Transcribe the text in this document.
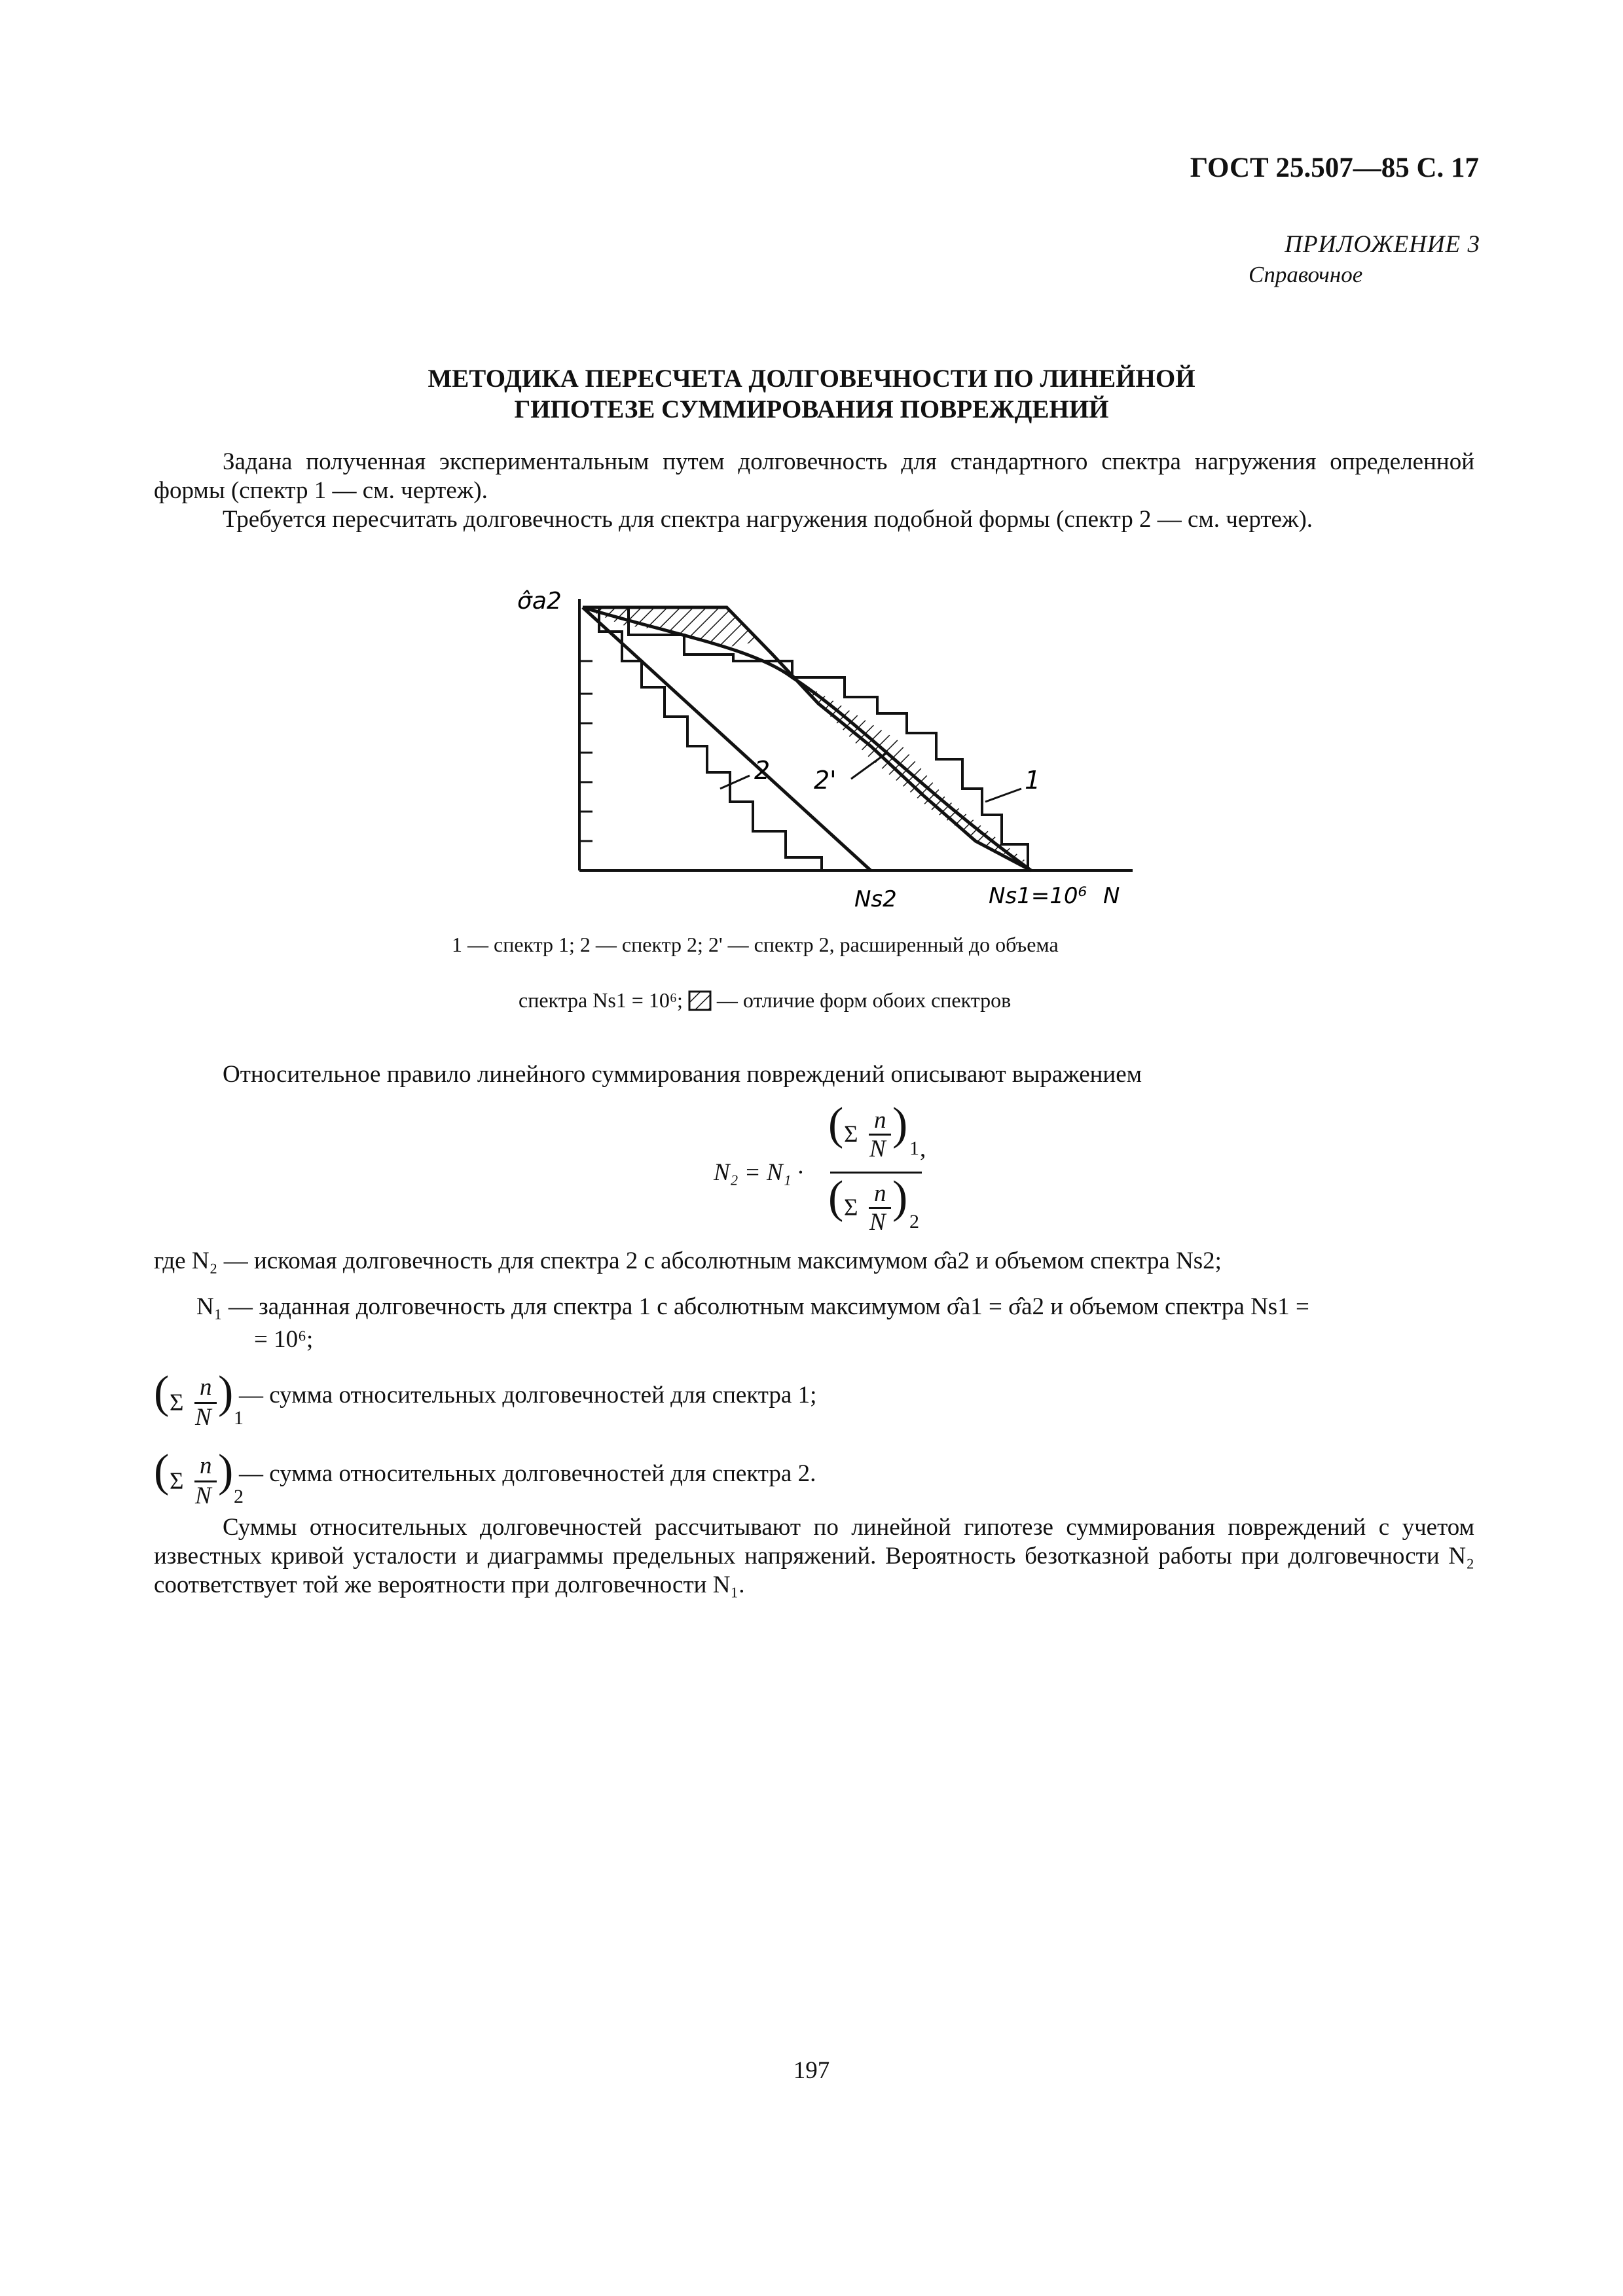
ГОСТ 25.507—85 С. 17
ПРИЛОЖЕНИЕ 3
Справочное
МЕТОДИКА ПЕРЕСЧЕТА ДОЛГОВЕЧНОСТИ ПО ЛИНЕЙНОЙ
ГИПОТЕЗЕ СУММИРОВАНИЯ ПОВРЕЖДЕНИЙ
Задана полученная экспериментальным путем долговечность для стандартного спектра нагружения определенной формы (спектр 1 — см. чертеж).
Требуется пересчитать долговечность для спектра нагружения подобной формы (спектр 2 — см. чертеж).
σ̂a2
2 2'	1
Ns2	Ns1=10⁶ N
1 — спектр 1; 2 — спектр 2; 2' — спектр 2, расширенный до объема
спектра Ns1 = 10⁶; — отличие форм обоих спектров
Относительное правило линейного суммирования повреждений описывают выражением
N₂ = N₁ ·
( Σ
n
N ) 1 ,
( Σ
n
N ) 2
где N₂ — искомая долговечность для спектра 2 с абсолютным максимумом σ̂a2 и объемом спектра Ns2;
N₁ — заданная долговечность для спектра 1 с абсолютным максимумом σ̂a1 = σ̂a2 и объемом спектра Ns1 =
= 10⁶;
( Σ
n
N )
1
— сумма относительных долговечностей для спектра 1;
( Σ
n
N )
2
— сумма относительных долговечностей для спектра 2.
Суммы относительных долговечностей рассчитывают по линейной гипотезе суммирования повреждений с учетом известных кривой усталости и диаграммы предельных напряжений. Вероятность безотказной работы при долговечности N₂ соответствует той же вероятности при долговечности N₁.
197
